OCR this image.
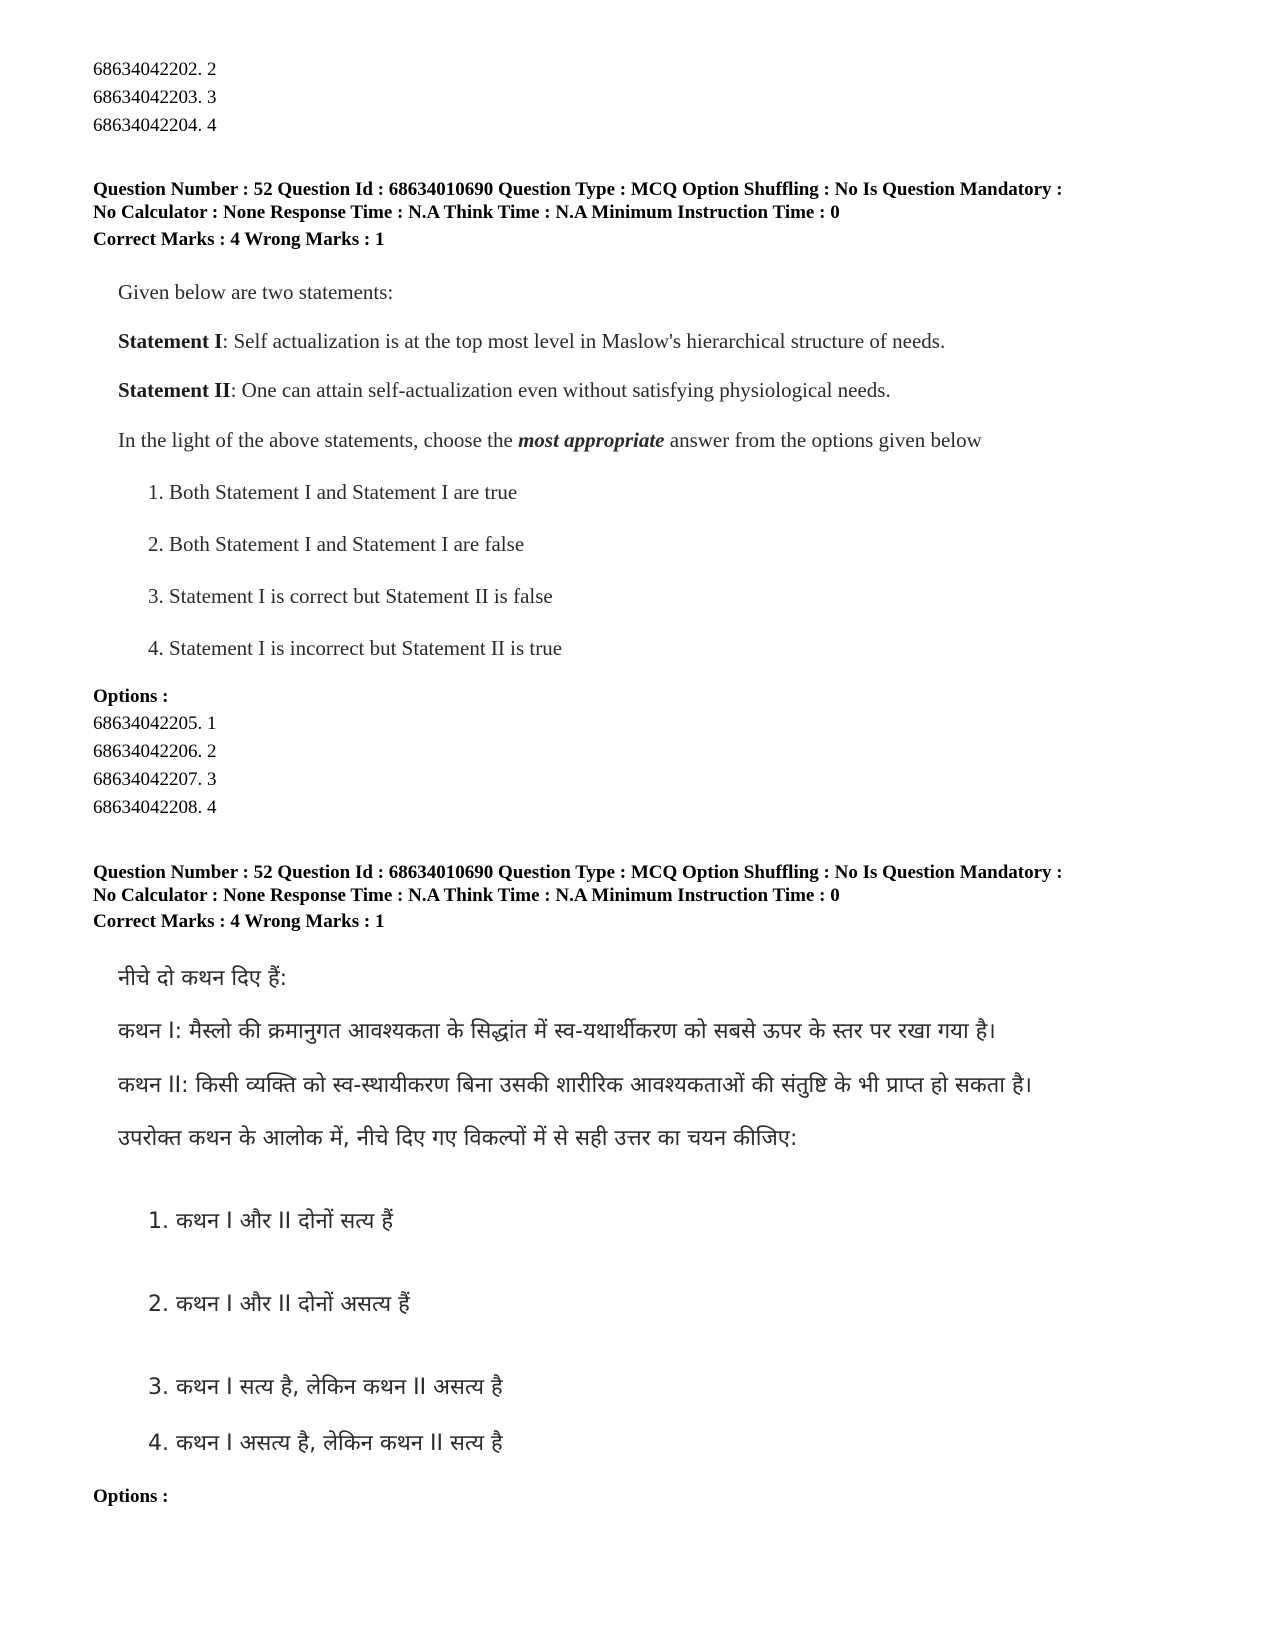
68634042202. 2
68634042203. 3
68634042204. 4
Question Number : 52 Question Id : 68634010690 Question Type : MCQ Option Shuffling : No Is Question Mandatory :
No Calculator : None Response Time : N.A Think Time : N.A Minimum Instruction Time : 0
Correct Marks : 4 Wrong Marks : 1
Given below are two statements:
Statement I: Self actualization is at the top most level in Maslow's hierarchical structure of needs.
Statement II: One can attain self-actualization even without satisfying physiological needs.
In the light of the above statements, choose the most appropriate answer from the options given below
1. Both Statement I and Statement I are true
2. Both Statement I and Statement I are false
3. Statement I is correct but Statement II is false
4. Statement I is incorrect but Statement II is true
Options :
68634042205. 1
68634042206. 2
68634042207. 3
68634042208. 4
Question Number : 52 Question Id : 68634010690 Question Type : MCQ Option Shuffling : No Is Question Mandatory :
No Calculator : None Response Time : N.A Think Time : N.A Minimum Instruction Time : 0
Correct Marks : 4 Wrong Marks : 1
नीचे दो कथन दिए हैं:
कथन I: मैस्लो की क्रमानुगत आवश्यकता के सिद्धांत में स्व-यथार्थीकरण को सबसे ऊपर के स्तर पर रखा गया है।
कथन II: किसी व्यक्ति को स्व-स्थायीकरण बिना उसकी शारीरिक आवश्यकताओं की संतुष्टि के भी प्राप्त हो सकता है।
उपरोक्त कथन के आलोक में, नीचे दिए गए विकल्पों में से सही उत्तर का चयन कीजिए:
1. कथन I और II दोनों सत्य हैं
2. कथन I और II दोनों असत्य हैं
3. कथन I सत्य है, लेकिन कथन II असत्य है
4. कथन I असत्य है, लेकिन कथन II सत्य है
Options :
